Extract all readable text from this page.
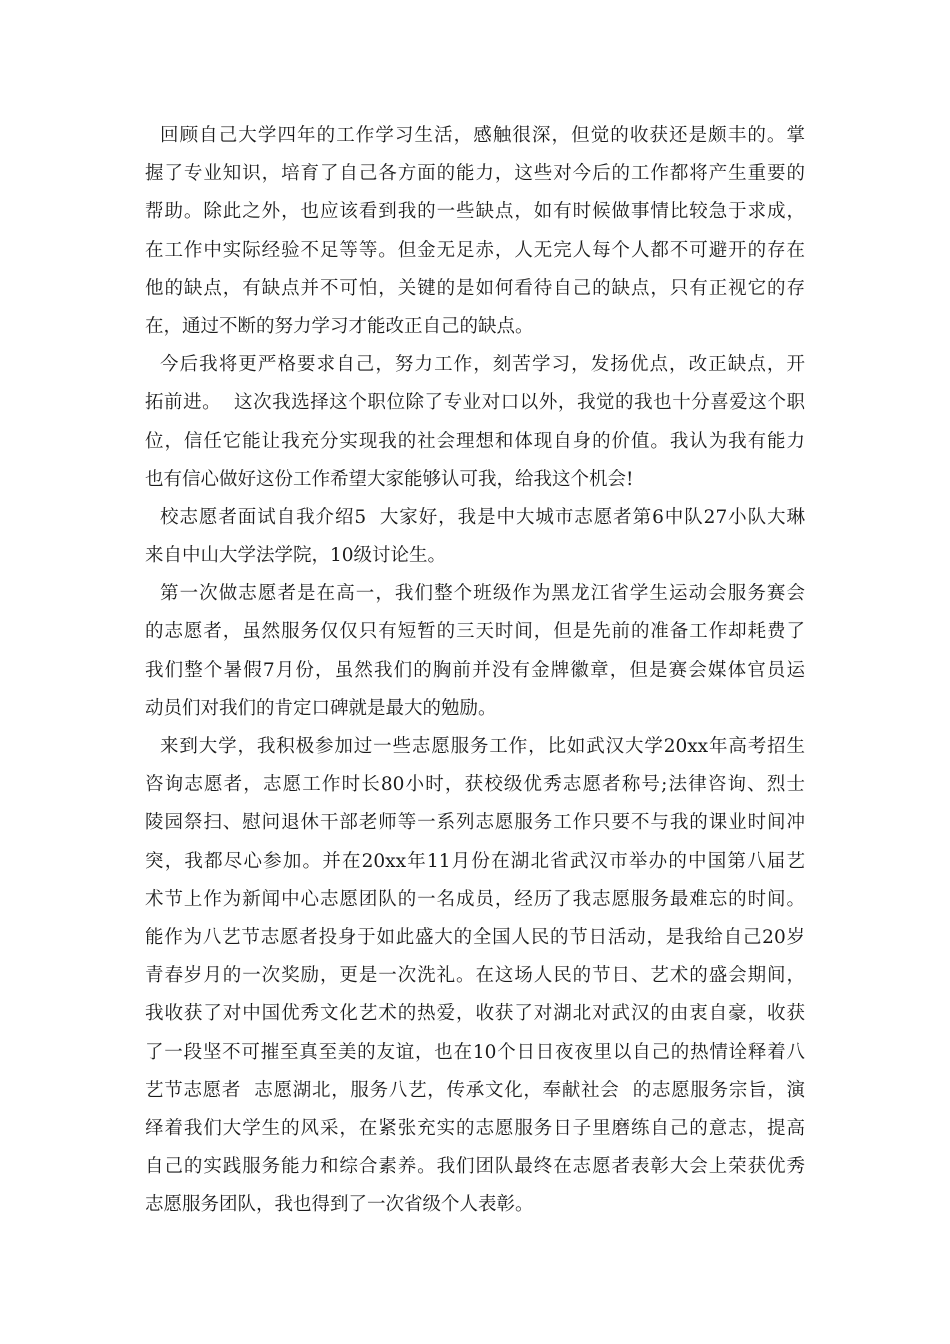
回顾自己大学四年的工作学习生活，感触很深，但觉的收获还是颇丰的。掌
握了专业知识，培育了自己各方面的能力，这些对今后的工作都将产生重要的
帮助。除此之外，也应该看到我的一些缺点，如有时候做事情比较急于求成，
在工作中实际经验不足等等。但金无足赤，人无完人每个人都不可避开的存在
他的缺点，有缺点并不可怕，关键的是如何看待自己的缺点，只有正视它的存
在，通过不断的努力学习才能改正自己的缺点。
今后我将更严格要求自己，努力工作，刻苦学习，发扬优点，改正缺点，开
拓前进。  这次我选择这个职位除了专业对口以外，我觉的我也十分喜爱这个职
位，信任它能让我充分实现我的社会理想和体现自身的价值。我认为我有能力
也有信心做好这份工作希望大家能够认可我，给我这个机会!
校志愿者面试自我介绍5  大家好，我是中大城市志愿者第6中队27小队大琳
来自中山大学法学院，10级讨论生。
第一次做志愿者是在高一，我们整个班级作为黑龙江省学生运动会服务赛会
的志愿者，虽然服务仅仅只有短暂的三天时间，但是先前的准备工作却耗费了
我们整个暑假7月份，虽然我们的胸前并没有金牌徽章，但是赛会媒体官员运
动员们对我们的肯定口碑就是最大的勉励。
来到大学，我积极参加过一些志愿服务工作，比如武汉大学20xx年高考招生
咨询志愿者，志愿工作时长80小时，获校级优秀志愿者称号;法律咨询、烈士
陵园祭扫、慰问退休干部老师等一系列志愿服务工作只要不与我的课业时间冲
突，我都尽心参加。并在20xx年11月份在湖北省武汉市举办的中国第八届艺
术节上作为新闻中心志愿团队的一名成员，经历了我志愿服务最难忘的时间。
能作为八艺节志愿者投身于如此盛大的全国人民的节日活动，是我给自己20岁
青春岁月的一次奖励，更是一次洗礼。在这场人民的节日、艺术的盛会期间，
我收获了对中国优秀文化艺术的热爱，收获了对湖北对武汉的由衷自豪，收获
了一段坚不可摧至真至美的友谊，也在10个日日夜夜里以自己的热情诠释着八
艺节志愿者  志愿湖北，服务八艺，传承文化，奉献社会  的志愿服务宗旨，演
绎着我们大学生的风采，在紧张充实的志愿服务日子里磨练自己的意志，提高
自己的实践服务能力和综合素养。我们团队最终在志愿者表彰大会上荣获优秀
志愿服务团队，我也得到了一次省级个人表彰。
